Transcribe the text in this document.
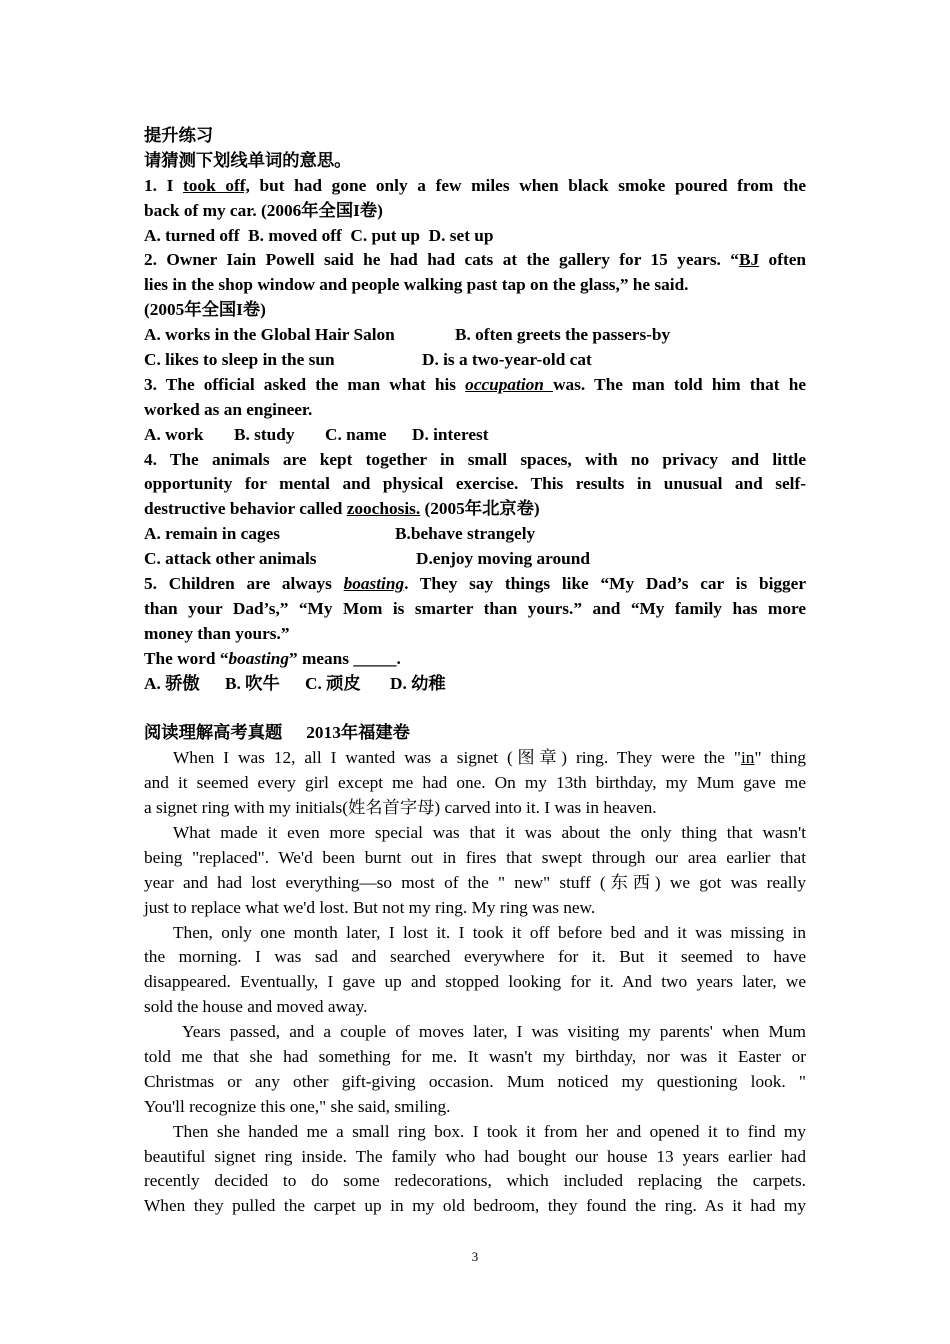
提升练习
请猜测下划线单词的意思。
1. I took off, but had gone only a few miles when black smoke poured from the
back of my car. (2006年全国I卷)
A. turned off  B. moved off  C. put up  D. set up
2. Owner Iain Powell said he had had cats at the gallery for 15 years. “BJ often
lies in the shop window and people walking past tap on the glass,” he said.
(2005年全国I卷)
A. works in the Global Hair Salon	B. often greets the passers-by
C. likes to sleep in the sun	D. is a two-year-old cat
3. The official asked the man what his occupation was. The man told him that he
worked as an engineer.
A. work B. study C. name D. interest
4. The animals are kept together in small spaces, with no privacy and little
opportunity for mental and physical exercise. This results in unusual and self-
destructive behavior called zoochosis. (2005年北京卷)
A. remain in cages	B.behave strangely
C. attack other animals	D.enjoy moving around
5. Children are always boasting. They say things like “My Dad’s car is bigger
than your Dad’s,” “My Mom is smarter than yours.” and “My family has more
money than yours.”
The word “boasting” means _____.
A. 骄傲 B. 吹牛 C. 顽皮 D. 幼稚
阅读理解高考真题 2013年福建卷
When I was 12, all I wanted was a signet (图章) ring. They were the "in" thing
and it seemed every girl except me had one. On my 13th birthday, my Mum gave me
a signet ring with my initials(姓名首字母) carved into it. I was in heaven.
What made it even more special was that it was about the only thing that wasn't
being "replaced". We'd been burnt out in fires that swept through our area earlier that
year and had lost everything—so most of the " new" stuff (东西) we got was really
just to replace what we'd lost. But not my ring. My ring was new.
Then, only one month later, I lost it. I took it off before bed and it was missing in
the morning. I was sad and searched everywhere for it. But it seemed to have
disappeared. Eventually, I gave up and stopped looking for it. And two years later, we
sold the house and moved away.
Years passed, and a couple of moves later, I was visiting my parents' when Mum
told me that she had something for me. It wasn't my birthday, nor was it Easter or
Christmas or any other gift-giving occasion. Mum noticed my questioning look. "
You'll recognize this one," she said, smiling.
Then she handed me a small ring box. I took it from her and opened it to find my
beautiful signet ring inside. The family who had bought our house 13 years earlier had
recently decided to do some redecorations, which included replacing the carpets.
When they pulled the carpet up in my old bedroom, they found the ring. As it had my
3
